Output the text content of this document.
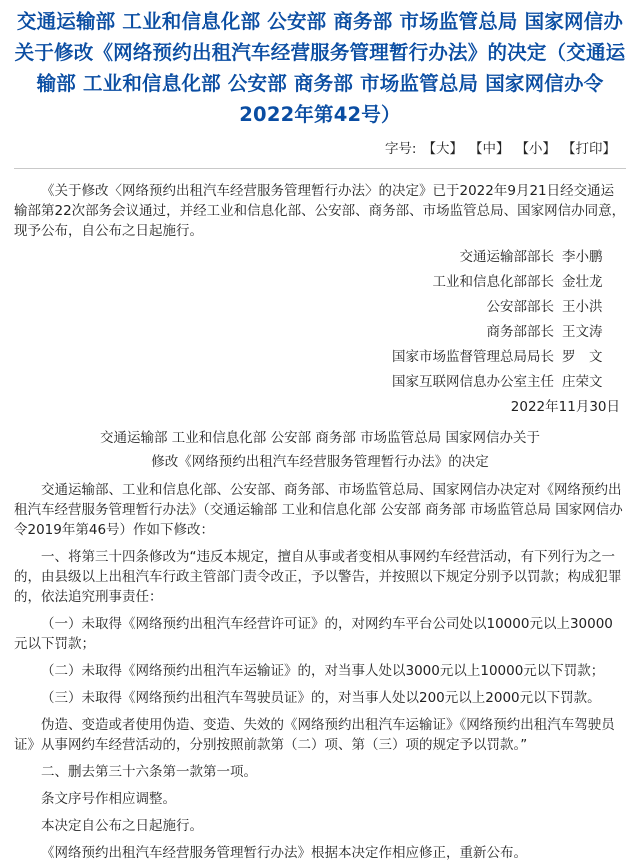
交通运输部 工业和信息化部 公安部 商务部 市场监管总局 国家网信办关于修改《网络预约出租汽车经营服务管理暂行办法》的决定（交通运输部 工业和信息化部 公安部 商务部 市场监管总局 国家网信办令2022年第42号）
字号: 【大】 【中】 【小】 【打印】

《关于修改〈网络预约出租汽车经营服务管理暂行办法〉的决定》已于2022年9月21日经交通运输部第22次部务会议通过，并经工业和信息化部、公安部、商务部、市场监管总局、国家网信办同意，现予公布，自公布之日起施行。

交通运输部部长 李小鹏

工业和信息化部部长 金壮龙

公安部部长 王小洪

商务部部长 王文涛

国家市场监督管理总局局长 罗　文

国家互联网信息办公室主任 庄荣文

2022年11月30日

交通运输部 工业和信息化部 公安部 商务部 市场监管总局 国家网信办关于
修改《网络预约出租汽车经营服务管理暂行办法》的决定

交通运输部、工业和信息化部、公安部、商务部、市场监管总局、国家网信办决定对《网络预约出租汽车经营服务管理暂行办法》（交通运输部 工业和信息化部 公安部 商务部 市场监管总局 国家网信办令2019年第46号）作如下修改：

一、将第三十四条修改为“违反本规定，擅自从事或者变相从事网约车经营活动，有下列行为之一的，由县级以上出租汽车行政主管部门责令改正，予以警告，并按照以下规定分别予以罚款；构成犯罪的，依法追究刑事责任：

（一）未取得《网络预约出租汽车经营许可证》的，对网约车平台公司处以10000元以上30000元以下罚款；

（二）未取得《网络预约出租汽车运输证》的，对当事人处以3000元以上10000元以下罚款；

（三）未取得《网络预约出租汽车驾驶员证》的，对当事人处以200元以上2000元以下罚款。

伪造、变造或者使用伪造、变造、失效的《网络预约出租汽车运输证》《网络预约出租汽车驾驶员证》从事网约车经营活动的，分别按照前款第（二）项、第（三）项的规定予以罚款。”

二、删去第三十六条第一款第一项。

条文序号作相应调整。

本决定自公布之日起施行。

《网络预约出租汽车经营服务管理暂行办法》根据本决定作相应修正，重新公布。
